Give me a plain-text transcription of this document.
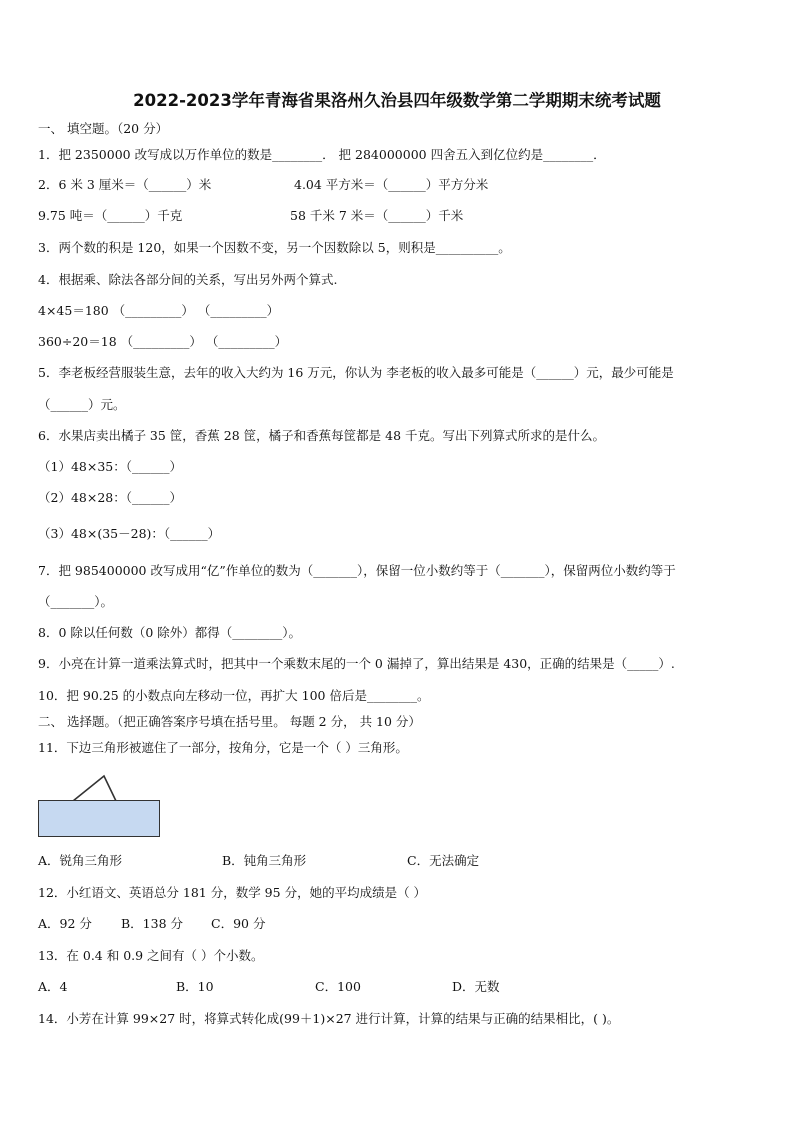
2022-2023学年青海省果洛州久治县四年级数学第二学期期末统考试题
一、 填空题。（20 分）
1．把 2350000 改写成以万作单位的数是________． 把 284000000 四舍五入到亿位约是________．
2．6 米 3 厘米＝（______）米	4.04 平方米＝（______）平方分米
9.75 吨＝（______）千克	58 千米 7 米＝（______）千米
3．两个数的积是 120，如果一个因数不变，另一个因数除以 5，则积是__________。
4．根据乘、除法各部分间的关系，写出另外两个算式.
4×45＝180 （_________） （_________）
360÷20＝18 （_________） （_________）
5．李老板经营服装生意，去年的收入大约为 16 万元，你认为 李老板的收入最多可能是（______）元，最少可能是
（______）元。
6．水果店卖出橘子 35 筐，香蕉 28 筐，橘子和香蕉每筐都是 48 千克。写出下列算式所求的是什么。
（1）48×35：（______）
（2）48×28：（______）
（3）48×(35－28)：（______）
7．把 985400000 改写成用“亿”作单位的数为（_______），保留一位小数约等于（_______），保留两位小数约等于
（_______）。
8．0 除以任何数（0 除外）都得（________）。
9．小亮在计算一道乘法算式时，把其中一个乘数末尾的一个 0 漏掉了，算出结果是 430，正确的结果是（_____）.
10．把 90.25 的小数点向左移动一位，再扩大 100 倍后是________。
二、 选择题。（把正确答案序号填在括号里。 每题 2 分， 共 10 分）
11．下边三角形被遮住了一部分，按角分，它是一个（ ）三角形。
A．锐角三角形	B．钝角三角形	C．无法确定
12．小红语文、英语总分 181 分，数学 95 分，她的平均成绩是（ ）
A．92 分 B．138 分 C．90 分
13．在 0.4 和 0.9 之间有（ ）个小数。
A．4	B．10	C．100	D．无数
14．小芳在计算 99×27 时，将算式转化成(99＋1)×27 进行计算，计算的结果与正确的结果相比，( )。
